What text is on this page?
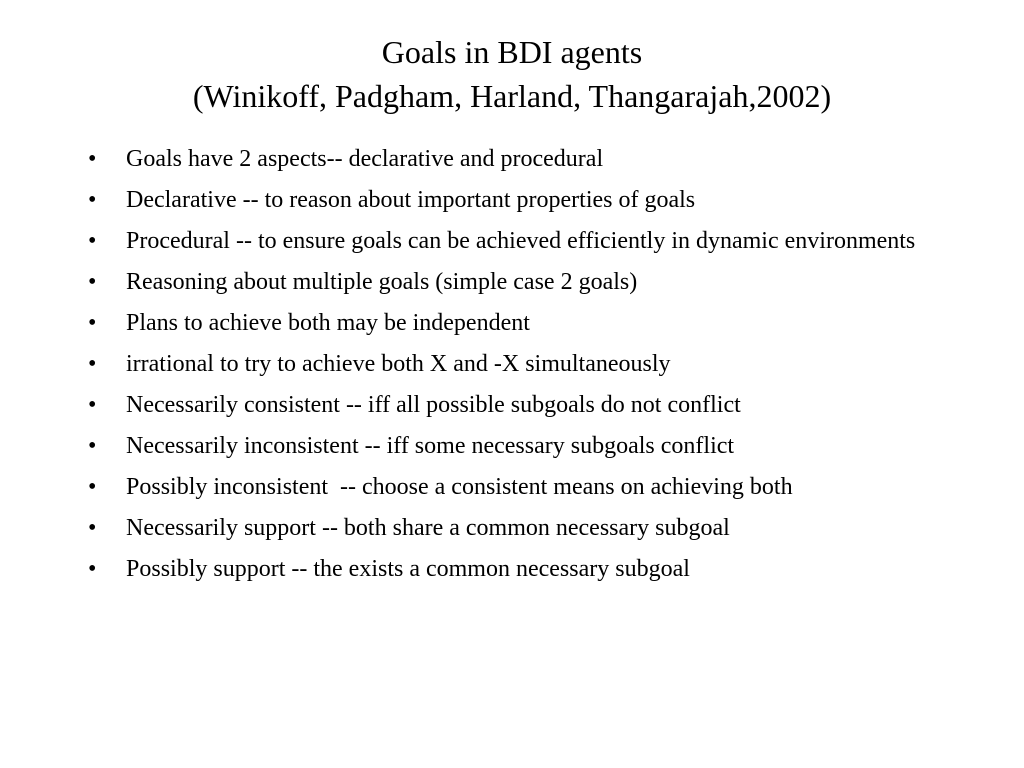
Goals in BDI agents
(Winikoff, Padgham, Harland, Thangarajah,2002)
• Goals have 2 aspects-- declarative and procedural
• Declarative -- to reason about important properties of goals
• Procedural -- to ensure goals can be achieved efficiently in dynamic environments
• Reasoning about multiple goals (simple case 2 goals)
• Plans to achieve both may be independent
• irrational to try to achieve both X and -X simultaneously
• Necessarily consistent -- iff all possible subgoals do not conflict
• Necessarily inconsistent -- iff some necessary subgoals conflict
• Possibly inconsistent  -- choose a consistent means on achieving both
• Necessarily support -- both share a common necessary subgoal
• Possibly support -- the exists a common necessary subgoal
